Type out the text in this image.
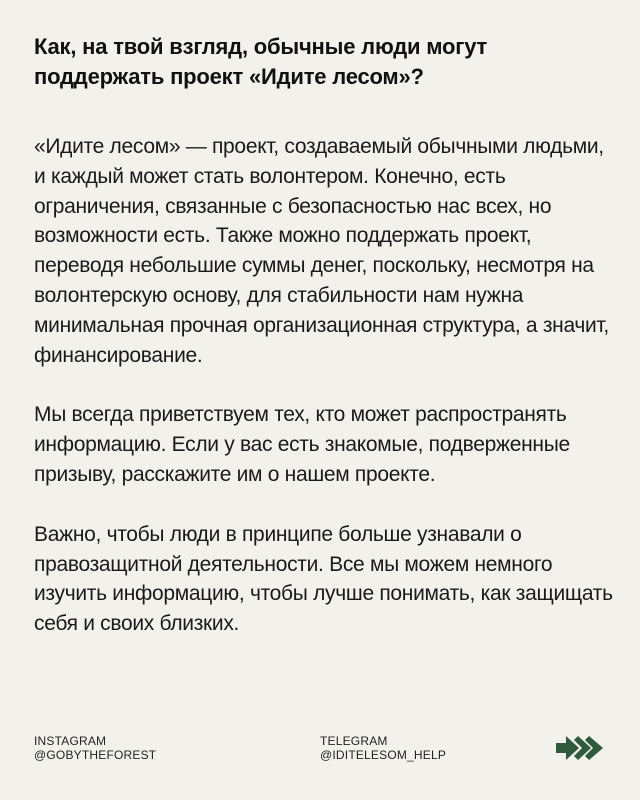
Как, на твой взгляд, обычные люди могут поддержать проект «Идите лесом»?

«Идите лесом» — проект, создаваемый обычными людьми, и каждый может стать волонтером. Конечно, есть ограничения, связанные с безопасностью нас всех, но возможности есть. Также можно поддержать проект, переводя небольшие суммы денег, поскольку, несмотря на волонтерскую основу, для стабильности нам нужна минимальная прочная организационная структура, а значит, финансирование.

Мы всегда приветствуем тех, кто может распространять информацию. Если у вас есть знакомые, подверженные призыву, расскажите им о нашем проекте.

Важно, чтобы люди в принципе больше узнавали о правозащитной деятельности. Все мы можем немного изучить информацию, чтобы лучше понимать, как защищать себя и своих близких.

INSTAGRAM
@GOBYTHEFOREST
TELEGRAM
@IDITELESOM_HELP
